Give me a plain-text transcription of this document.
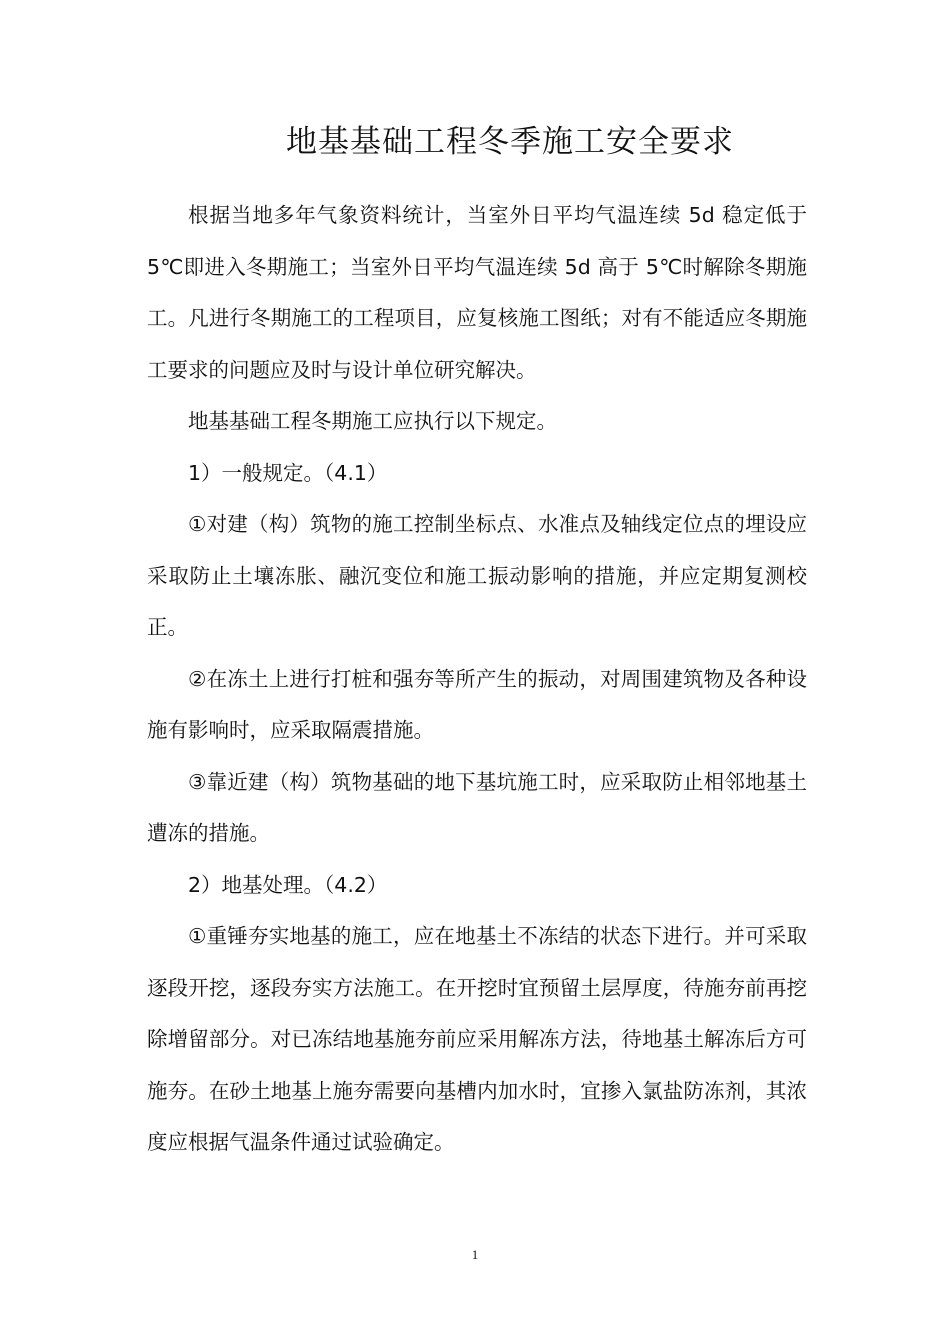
地基基础工程冬季施工安全要求

根据当地多年气象资料统计，当室外日平均气温连续 5d 稳定低于 5℃即进入冬期施工；当室外日平均气温连续 5d 高于 5℃时解除冬期施工。凡进行冬期施工的工程项目，应复核施工图纸；对有不能适应冬期施工要求的问题应及时与设计单位研究解决。

地基基础工程冬期施工应执行以下规定。

1）一般规定。（4.1）

①对建（构）筑物的施工控制坐标点、水准点及轴线定位点的埋设应采取防止土壤冻胀、融沉变位和施工振动影响的措施，并应定期复测校正。

②在冻土上进行打桩和强夯等所产生的振动，对周围建筑物及各种设施有影响时，应采取隔震措施。

③靠近建（构）筑物基础的地下基坑施工时，应采取防止相邻地基土遭冻的措施。

2）地基处理。（4.2）

①重锤夯实地基的施工，应在地基土不冻结的状态下进行。并可采取逐段开挖，逐段夯实方法施工。在开挖时宜预留土层厚度，待施夯前再挖除增留部分。对已冻结地基施夯前应采用解冻方法，待地基土解冻后方可施夯。在砂土地基上施夯需要向基槽内加水时，宜掺入氯盐防冻剂，其浓度应根据气温条件通过试验确定。

1
